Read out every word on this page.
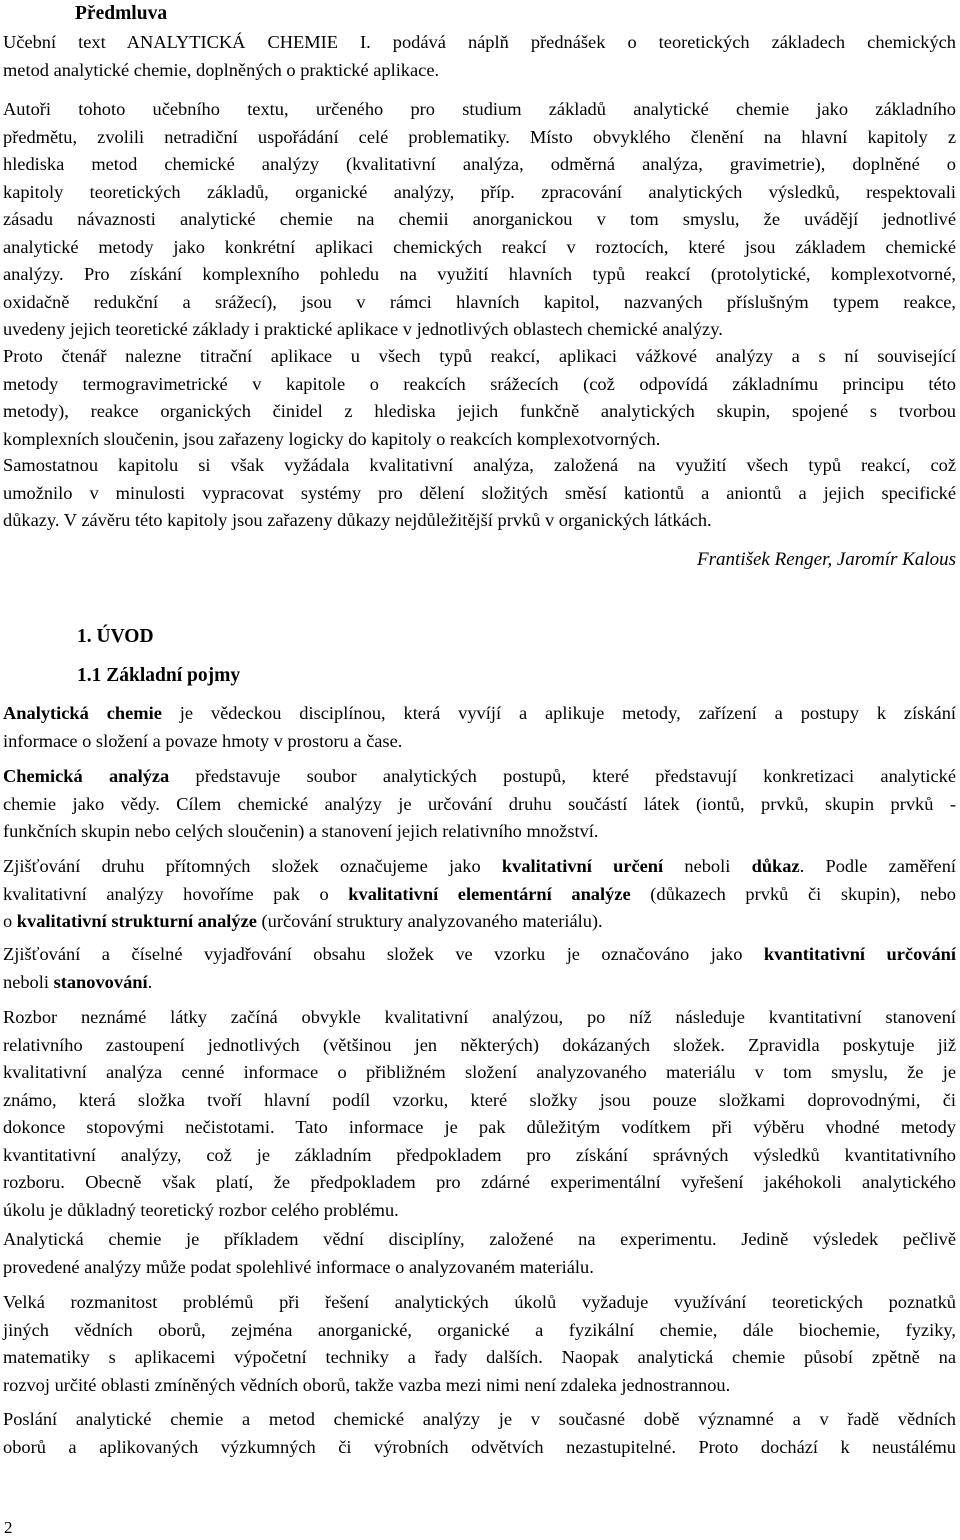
Předmluva
Učební text ANALYTICKÁ CHEMIE I. podává náplň přednášek o teoretických základech chemických
metod analytické chemie, doplněných o praktické aplikace.
Autoři tohoto učebního textu, určeného pro studium základů analytické chemie jako základního
předmětu, zvolili netradiční uspořádání celé problematiky. Místo obvyklého členění na hlavní kapitoly z
hlediska metod chemické analýzy (kvalitativní analýza, odměrná analýza, gravimetrie), doplněné o
kapitoly teoretických základů, organické analýzy, příp. zpracování analytických výsledků, respektovali
zásadu návaznosti analytické chemie na chemii anorganickou v tom smyslu, že uvádějí jednotlivé
analytické metody jako konkrétní aplikaci chemických reakcí v roztocích, které jsou základem chemické
analýzy. Pro získání komplexního pohledu na využití hlavních typů reakcí (protolytické, komplexotvorné,
oxidačně redukční a srážecí), jsou v rámci hlavních kapitol, nazvaných příslušným typem reakce,
uvedeny jejich teoretické základy i praktické aplikace v jednotlivých oblastech chemické analýzy.
Proto čtenář nalezne titrační aplikace u všech typů reakcí, aplikaci vážkové analýzy a s ní související
metody termogravimetrické v kapitole o reakcích srážecích (což odpovídá základnímu principu této
metody), reakce organických činidel z hlediska jejich funkčně analytických skupin, spojené s tvorbou
komplexních sloučenin, jsou zařazeny logicky do kapitoly o reakcích komplexotvorných.
Samostatnou kapitolu si však vyžádala kvalitativní analýza, založená na využití všech typů reakcí, což
umožnilo v minulosti vypracovat systémy pro dělení složitých směsí kationtů a aniontů a jejich specifické
důkazy. V závěru této kapitoly jsou zařazeny důkazy nejdůležitější prvků v organických látkách.
František Renger, Jaromír Kalous
1. ÚVOD
1.1 Základní pojmy
Analytická chemie je vědeckou disciplínou, která vyvíjí a aplikuje metody, zařízení a postupy k získání
informace o složení a povaze hmoty v prostoru a čase.
Chemická analýza představuje soubor analytických postupů, které představují konkretizaci analytické
chemie jako vědy. Cílem chemické analýzy je určování druhu součástí látek (iontů, prvků, skupin prvků -
funkčních skupin nebo celých sloučenin) a stanovení jejich relativního množství.
Zjišťování druhu přítomných složek označujeme jako kvalitativní určení neboli důkaz. Podle zaměření
kvalitativní analýzy hovoříme pak o kvalitativní elementární analýze (důkazech prvků či skupin), nebo
o kvalitativní strukturní analýze (určování struktury analyzovaného materiálu).
Zjišťování a číselné vyjadřování obsahu složek ve vzorku je označováno jako kvantitativní určování
neboli stanovování.
Rozbor neznámé látky začíná obvykle kvalitativní analýzou, po níž následuje kvantitativní stanovení
relativního zastoupení jednotlivých (většinou jen některých) dokázaných složek. Zpravidla poskytuje již
kvalitativní analýza cenné informace o přibližném složení analyzovaného materiálu v tom smyslu, že je
známo, která složka tvoří hlavní podíl vzorku, které složky jsou pouze složkami doprovodnými, či
dokonce stopovými nečistotami. Tato informace je pak důležitým vodítkem při výběru vhodné metody
kvantitativní analýzy, což je základním předpokladem pro získání správných výsledků kvantitativního
rozboru. Obecně však platí, že předpokladem pro zdárné experimentální vyřešení jakéhokoli analytického
úkolu je důkladný teoretický rozbor celého problému.
Analytická chemie je příkladem vědní disciplíny, založené na experimentu. Jedině výsledek pečlivě
provedené analýzy může podat spolehlivé informace o analyzovaném materiálu.
Velká rozmanitost problémů při řešení analytických úkolů vyžaduje využívání teoretických poznatků
jiných vědních oborů, zejména anorganické, organické a fyzikální chemie, dále biochemie, fyziky,
matematiky s aplikacemi výpočetní techniky a řady dalších. Naopak analytická chemie působí zpětně na
rozvoj určité oblasti zmíněných vědních oborů, takže vazba mezi nimi není zdaleka jednostrannou.
Poslání analytické chemie a metod chemické analýzy je v současné době významné a v řadě vědních
oborů a aplikovaných výzkumných či výrobních odvětvích nezastupitelné. Proto dochází k neustálému
2
